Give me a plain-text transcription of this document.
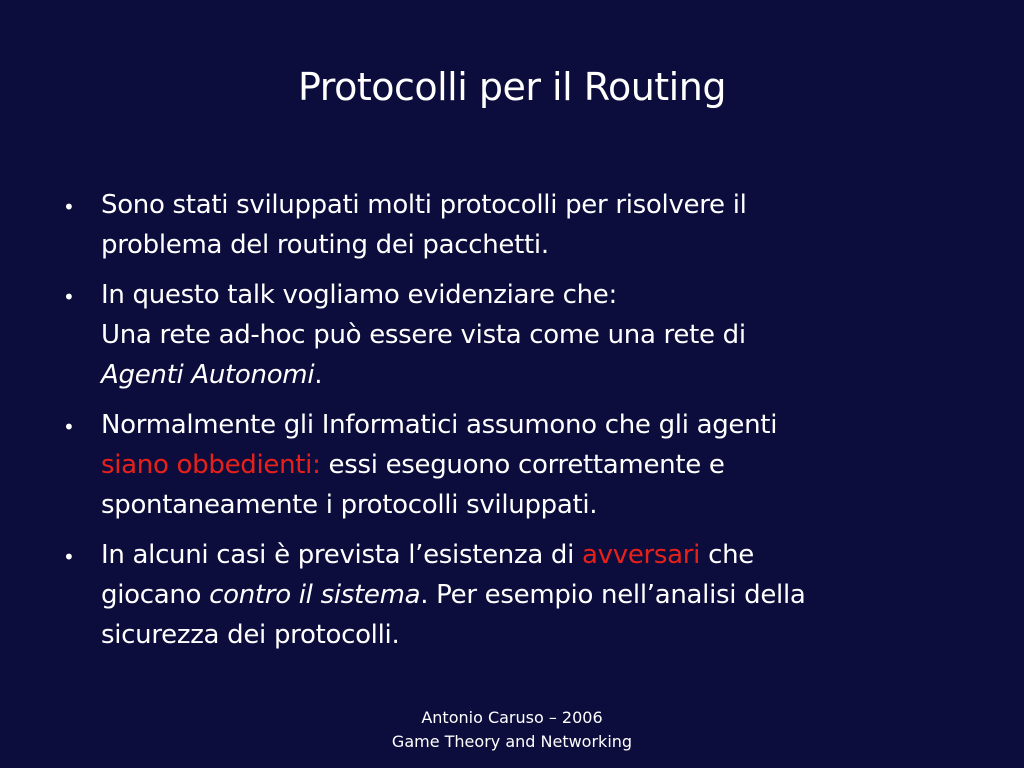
Protocolli per il Routing
• Sono stati sviluppati molti protocolli per risolvere il
problema del routing dei pacchetti.
• In questo talk vogliamo evidenziare che:
Una rete ad-hoc può essere vista come una rete di
Agenti Autonomi.
• Normalmente gli Informatici assumono che gli agenti
siano obbedienti: essi eseguono correttamente e
spontaneamente i protocolli sviluppati.
• In alcuni casi è prevista l’esistenza di avversari che
giocano contro il sistema. Per esempio nell’analisi della
sicurezza dei protocolli.
Antonio Caruso – 2006
Game Theory and Networking
